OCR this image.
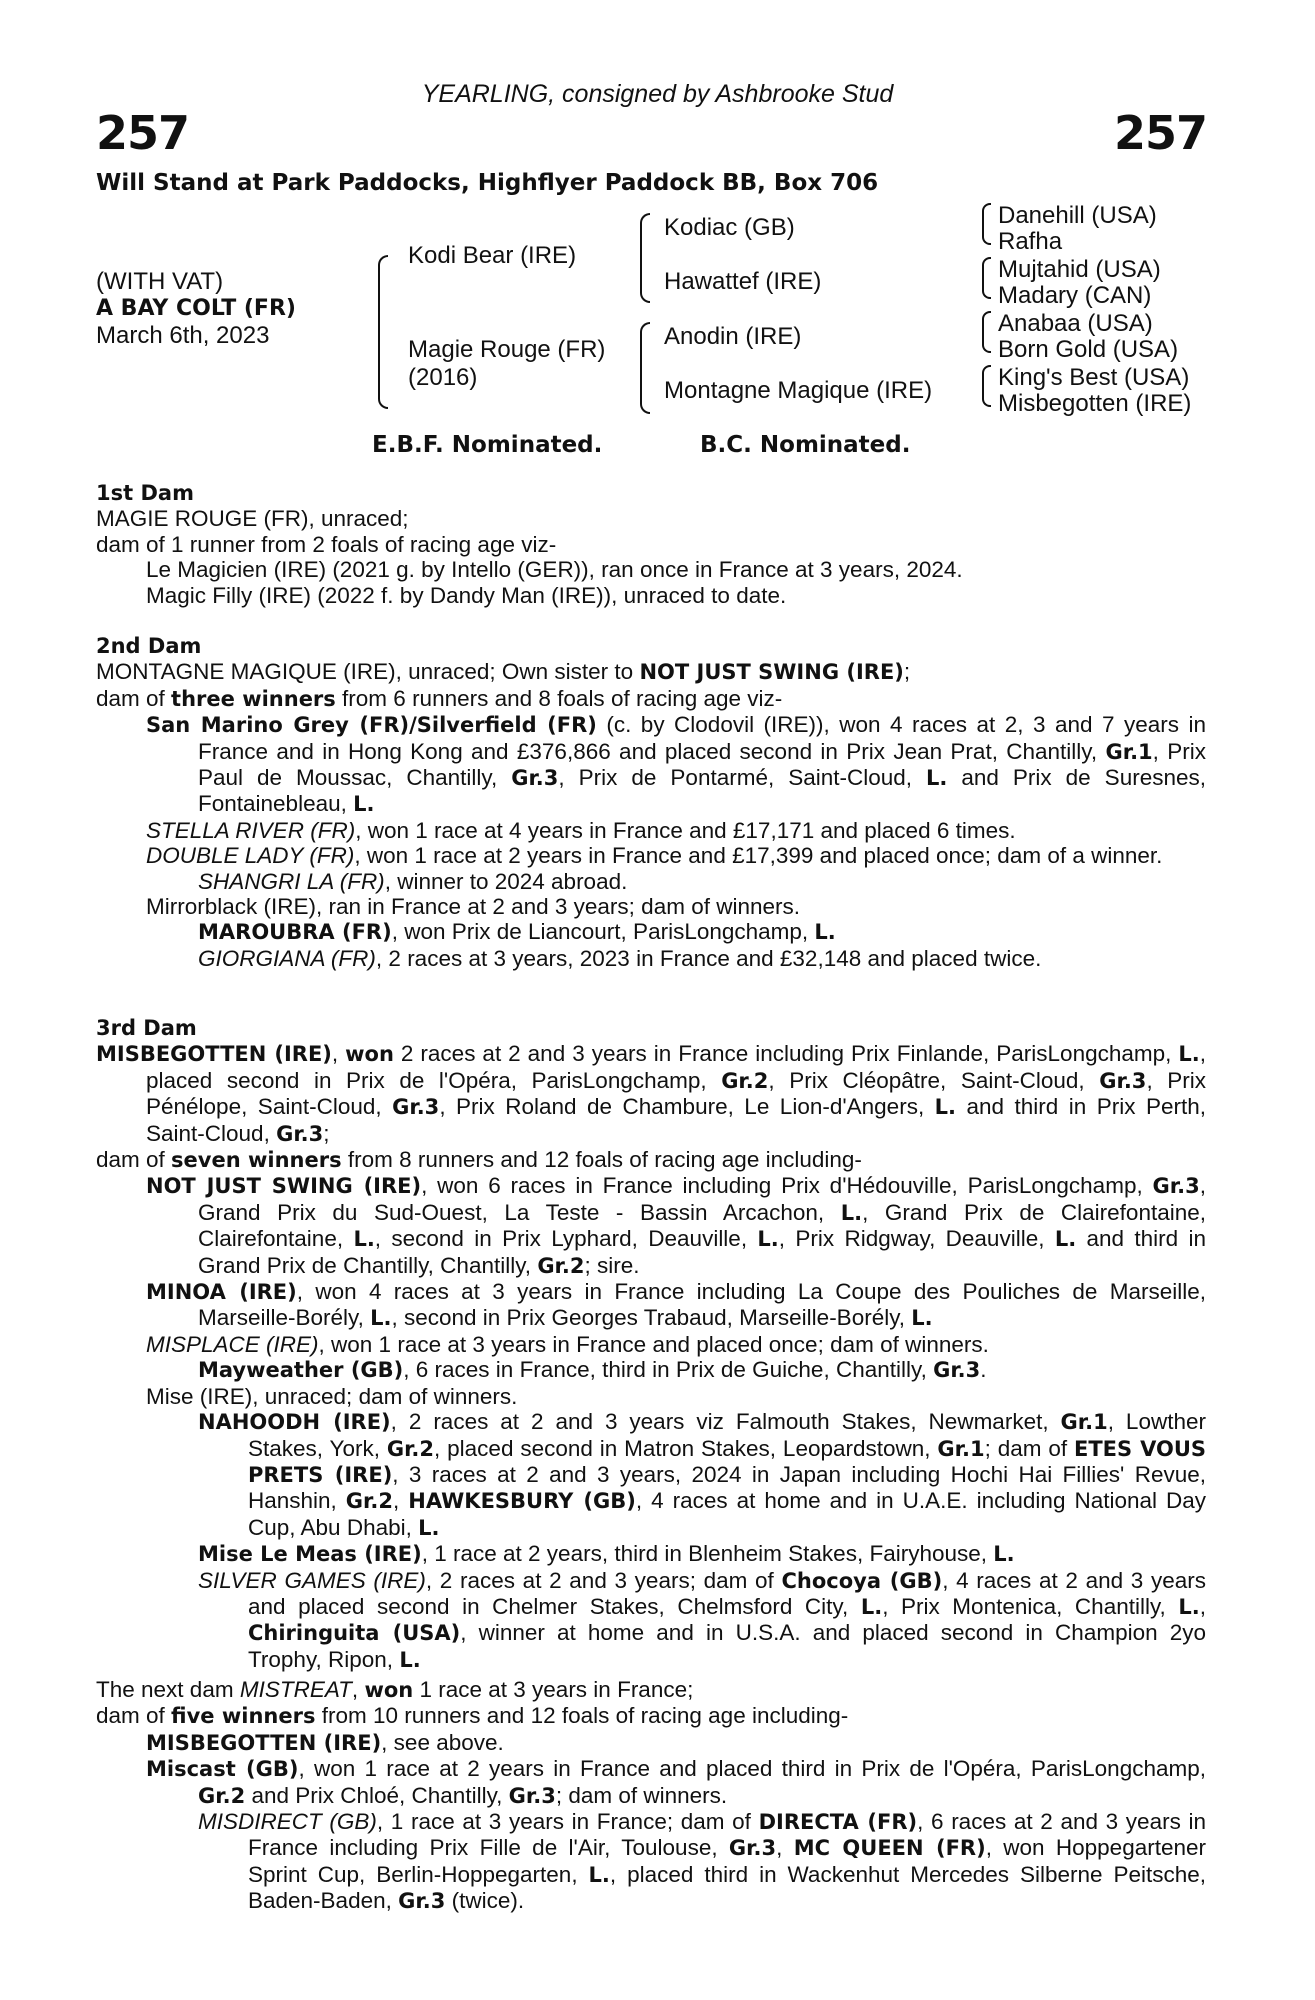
YEARLING, consigned by Ashbrooke Stud
257	257
Will Stand at Park Paddocks, Highflyer Paddock BB, Box 706
(WITH VAT)
A BAY COLT (FR)
March 6th, 2023
Kodi Bear (IRE)
Magie Rouge (FR)
(2016)
Kodiac (GB)
Hawattef (IRE)
Anodin (IRE)
Montagne Magique (IRE)
Danehill (USA)
Rafha
Mujtahid (USA)
Madary (CAN)
Anabaa (USA)
Born Gold (USA)
King's Best (USA)
Misbegotten (IRE)
E.B.F. Nominated.	B.C. Nominated.

1st Dam

MAGIE ROUGE (FR), unraced;

dam of 1 runner from 2 foals of racing age viz-

Le Magicien (IRE) (2021 g. by Intello (GER)), ran once in France at 3 years, 2024.

Magic Filly (IRE) (2022 f. by Dandy Man (IRE)), unraced to date.

2nd Dam

MONTAGNE MAGIQUE (IRE), unraced; Own sister to NOT JUST SWING (IRE);

dam of three winners from 6 runners and 8 foals of racing age viz-

San Marino Grey (FR)/Silverfield (FR) (c. by Clodovil (IRE)), won 4 races at 2, 3 and 7 years in France and in Hong Kong and £376,866 and placed second in Prix Jean Prat, Chantilly, Gr.1, Prix Paul de Moussac, Chantilly, Gr.3, Prix de Pontarmé, Saint-Cloud, L. and Prix de Suresnes, Fontainebleau, L.

STELLA RIVER (FR), won 1 race at 4 years in France and £17,171 and placed 6 times.

DOUBLE LADY (FR), won 1 race at 2 years in France and £17,399 and placed once; dam of a winner.

SHANGRI LA (FR), winner to 2024 abroad.

Mirrorblack (IRE), ran in France at 2 and 3 years; dam of winners.

MAROUBRA (FR), won Prix de Liancourt, ParisLongchamp, L.

GIORGIANA (FR), 2 races at 3 years, 2023 in France and £32,148 and placed twice.

3rd Dam

MISBEGOTTEN (IRE), won 2 races at 2 and 3 years in France including Prix Finlande, ParisLongchamp, L., placed second in Prix de l'Opéra, ParisLongchamp, Gr.2, Prix Cléopâtre, Saint-Cloud, Gr.3, Prix Pénélope, Saint-Cloud, Gr.3, Prix Roland de Chambure, Le Lion-d'Angers, L. and third in Prix Perth, Saint-Cloud, Gr.3;

dam of seven winners from 8 runners and 12 foals of racing age including-

NOT JUST SWING (IRE), won 6 races in France including Prix d'Hédouville, ParisLongchamp, Gr.3, Grand Prix du Sud-Ouest, La Teste - Bassin Arcachon, L., Grand Prix de Clairefontaine, Clairefontaine, L., second in Prix Lyphard, Deauville, L., Prix Ridgway, Deauville, L. and third in Grand Prix de Chantilly, Chantilly, Gr.2; sire.

MINOA (IRE), won 4 races at 3 years in France including La Coupe des Pouliches de Marseille, Marseille-Borély, L., second in Prix Georges Trabaud, Marseille-Borély, L.

MISPLACE (IRE), won 1 race at 3 years in France and placed once; dam of winners.

Mayweather (GB), 6 races in France, third in Prix de Guiche, Chantilly, Gr.3.

Mise (IRE), unraced; dam of winners.

NAHOODH (IRE), 2 races at 2 and 3 years viz Falmouth Stakes, Newmarket, Gr.1, Lowther Stakes, York, Gr.2, placed second in Matron Stakes, Leopardstown, Gr.1; dam of ETES VOUS PRETS (IRE), 3 races at 2 and 3 years, 2024 in Japan including Hochi Hai Fillies' Revue, Hanshin, Gr.2, HAWKESBURY (GB), 4 races at home and in U.A.E. including National Day Cup, Abu Dhabi, L.

Mise Le Meas (IRE), 1 race at 2 years, third in Blenheim Stakes, Fairyhouse, L.

SILVER GAMES (IRE), 2 races at 2 and 3 years; dam of Chocoya (GB), 4 races at 2 and 3 years and placed second in Chelmer Stakes, Chelmsford City, L., Prix Montenica, Chantilly, L., Chiringuita (USA), winner at home and in U.S.A. and placed second in Champion 2yo Trophy, Ripon, L.

The next dam MISTREAT, won 1 race at 3 years in France;

dam of five winners from 10 runners and 12 foals of racing age including-

MISBEGOTTEN (IRE), see above.

Miscast (GB), won 1 race at 2 years in France and placed third in Prix de l'Opéra, ParisLongchamp, Gr.2 and Prix Chloé, Chantilly, Gr.3; dam of winners.

MISDIRECT (GB), 1 race at 3 years in France; dam of DIRECTA (FR), 6 races at 2 and 3 years in France including Prix Fille de l'Air, Toulouse, Gr.3, MC QUEEN (FR), won Hoppegartener Sprint Cup, Berlin-Hoppegarten, L., placed third in Wackenhut Mercedes Silberne Peitsche, Baden-Baden, Gr.3 (twice).
